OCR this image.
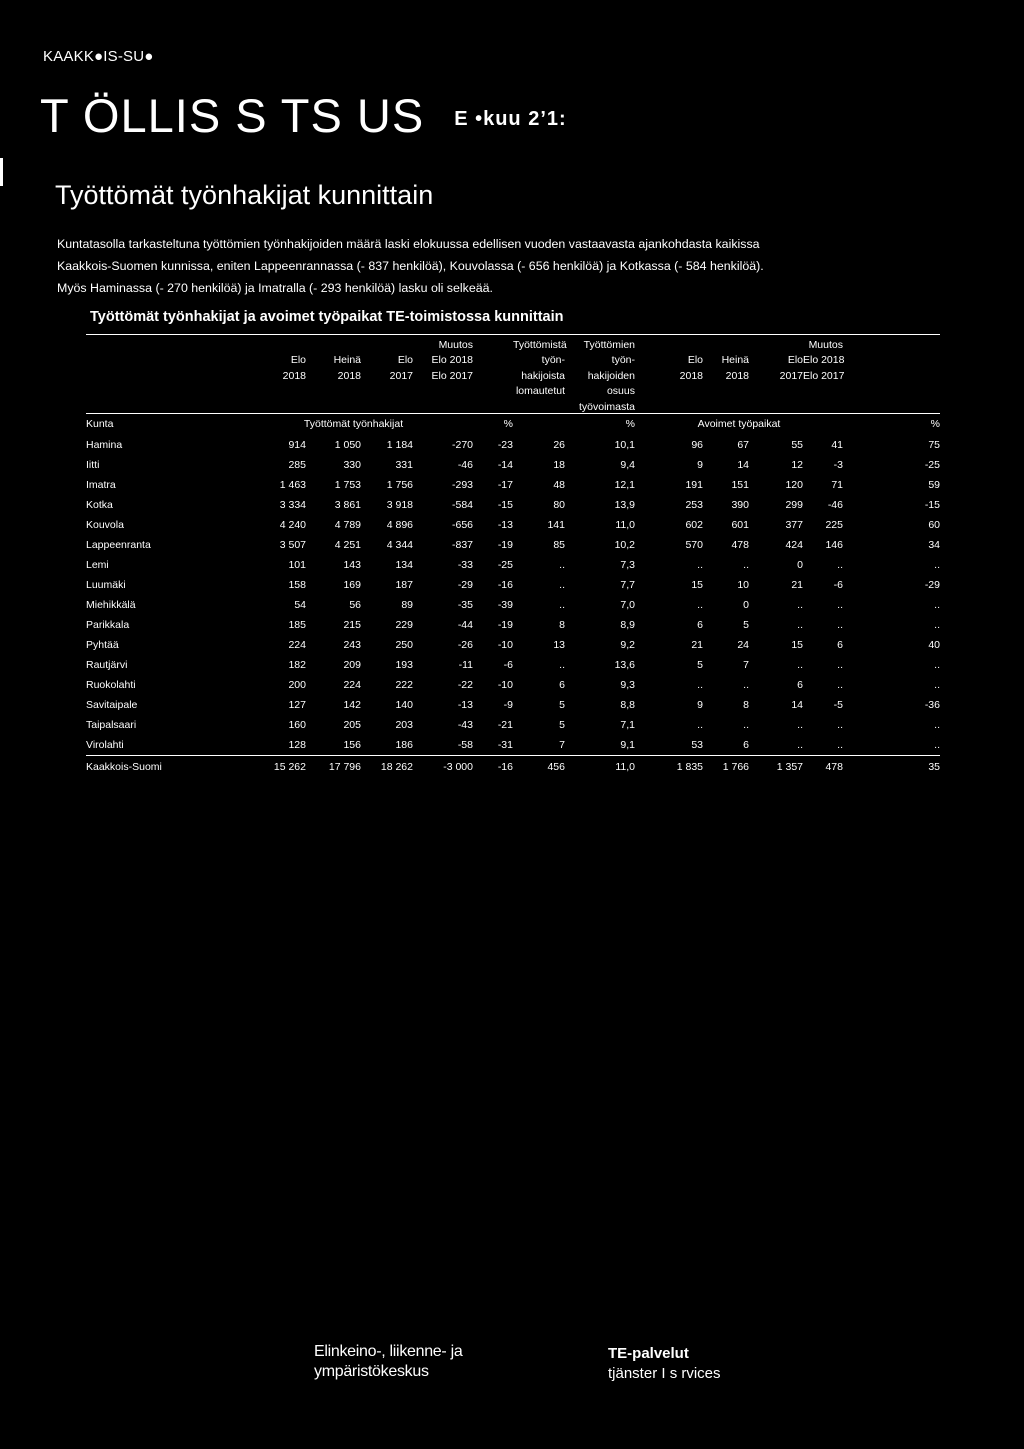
KAAKK●IS-SU●
T ÖLLIS S TS US E •kuu 2’1:
Työttömät työnhakijat kunnittain

Kuntatasolla tarkasteltuna työttömien työnhakijoiden määrä laski elokuussa edellisen vuoden vastaavasta ajankohdasta kaikissa

Kaakkois-Suomen kunnissa, eniten Lappeenrannassa (- 837 henkilöä), Kouvolassa (- 656 henkilöä) ja Kotkassa (- 584 henkilöä).

Myös Haminassa (- 270 henkilöä) ja Imatralla (- 293 henkilöä) lasku oli selkeää.

Työttömät työnhakijat ja avoimet työpaikat TE-toimistossa kunnittain

				Muutos		Työttömistä	Työttömien				Muutos	
	Elo	Heinä	Elo	Elo 2018		työn-	työn-	Elo	Heinä	Elo	Elo 2018	
	2018	2018	2017	Elo 2017		hakijoista	hakijoiden	2018	2018	2017	Elo 2017	
						lomautetut	osuus					
							työvoimasta					
Kunta	Työttömät työnhakijat				%		%	Avoimet työpaikat				%
Hamina	914	1 050	1 184	-270	-23	26	10,1	96	67	55	41	75
Iitti	285	330	331	-46	-14	18	9,4	9	14	12	-3	-25
Imatra	1 463	1 753	1 756	-293	-17	48	12,1	191	151	120	71	59
Kotka	3 334	3 861	3 918	-584	-15	80	13,9	253	390	299	-46	-15
Kouvola	4 240	4 789	4 896	-656	-13	141	11,0	602	601	377	225	60
Lappeenranta	3 507	4 251	4 344	-837	-19	85	10,2	570	478	424	146	34
Lemi	101	143	134	-33	-25	..	7,3	..	..	0	..	..
Luumäki	158	169	187	-29	-16	..	7,7	15	10	21	-6	-29
Miehikkälä	54	56	89	-35	-39	..	7,0	..	0	..	..	..
Parikkala	185	215	229	-44	-19	8	8,9	6	5	..	..	..
Pyhtää	224	243	250	-26	-10	13	9,2	21	24	15	6	40
Rautjärvi	182	209	193	-11	-6	..	13,6	5	7	..	..	..
Ruokolahti	200	224	222	-22	-10	6	9,3	..	..	6	..	..
Savitaipale	127	142	140	-13	-9	5	8,8	9	8	14	-5	-36
Taipalsaari	160	205	203	-43	-21	5	7,1	..	..	..	..	..
Virolahti	128	156	186	-58	-31	7	9,1	53	6	..	..	..
Kaakkois-Suomi	15 262	17 796	18 262	-3 000	-16	456	11,0	1 835	1 766	1 357	478	35
Elinkeino-, liikenne- ja
ympäristökeskus
TE-palvelut
tjänster I s rvices
